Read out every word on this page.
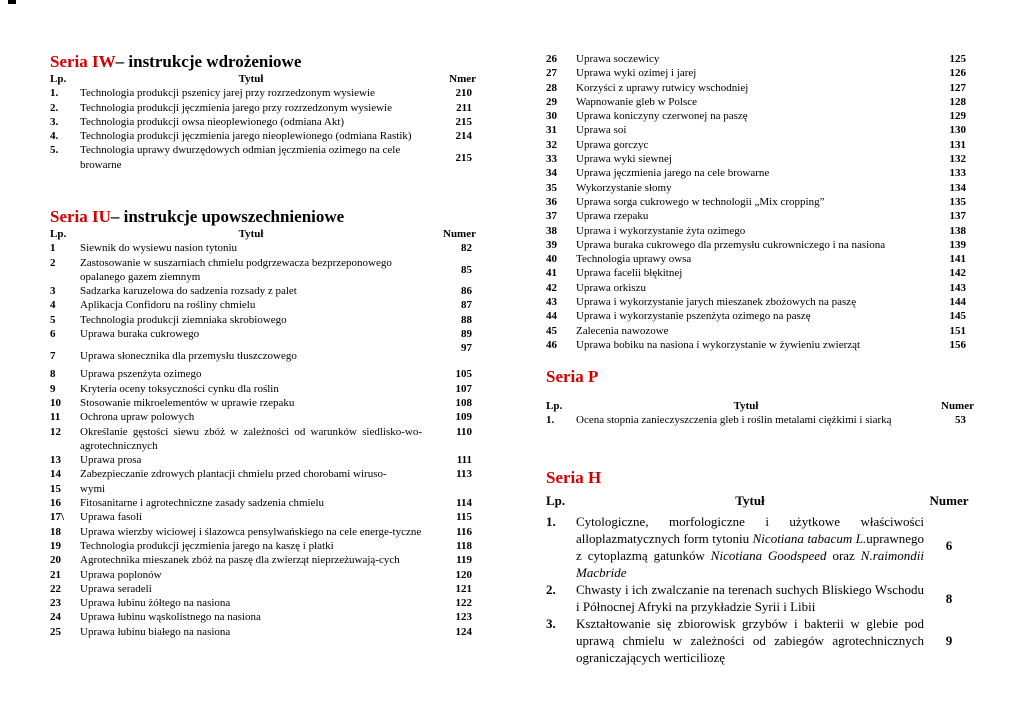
Seria IW– instrukcje wdrożeniowe

Lp.	Tytuł	Nmer
1.	Technologia produkcji pszenicy jarej przy rozrzedzonym wysiewie	210
2.	Technologia produkcji jęczmienia jarego przy rozrzedzonym wysiewie	211
3.	Technologia produkcji owsa nieoplewionego (odmiana Akt)	215
4.	Technologia produkcji jęczmienia jarego nieoplewionego (odmiana Rastik)	214
5.	Technologia uprawy dwurzędowych odmian jęczmienia ozimego na cele browarne	215

Seria IU– instrukcje upowszechnieniowe

Lp.	Tytuł	Numer
1	Siewnik do wysiewu nasion tytoniu	82
2	Zastosowanie w suszarniach chmielu podgrzewacza bezprzeponowego opalanego gazem ziemnym	85
3	Sadzarka karuzelowa do sadzenia rozsady z palet	86
4	Aplikacja Confidoru na rośliny chmielu	87
5	Technologia produkcji ziemniaka skrobiowego	88
6	Uprawa buraka cukrowego	89
7	Uprawa słonecznika dla przemysłu tłuszczowego	97
8	Uprawa pszenżyta ozimego	105
9	Kryteria oceny toksyczności cynku dla roślin	107
10	Stosowanie mikroelementów w uprawie rzepaku	108
11	Ochrona upraw polowych	109
12	Określanie gęstości siewu zbóż w zależności od warunków siedlisko-wo-agrotechnicznych	110
13	Uprawa prosa	111
14	Zabezpieczanie zdrowych plantacji chmielu przed chorobami wiruso-	113
15	wymi	
16	Fitosanitarne i agrotechniczne zasady sadzenia chmielu	114
17\	Uprawa fasoli	115
18	Uprawa wierzby wiciowej i ślazowca pensylwańskiego na cele energe-tyczne	116
19	Technologia produkcji jęczmienia jarego na kaszę i płatki	118
20	Agrotechnika mieszanek zbóż na paszę dla zwierząt nieprzeżuwają-cych	119
21	Uprawa poplonów	120
22	Uprawa seradeli	121
23	Uprawa łubinu żółtego na nasiona	122
24	Uprawa łubinu wąskolistnego na nasiona	123
25	Uprawa łubinu białego na nasiona	124
26	Uprawa soczewicy	125
27	Uprawa wyki ozimej i jarej	126
28	Korzyści z uprawy rutwicy wschodniej	127
29	Wapnowanie gleb w Polsce	128
30	Uprawa koniczyny czerwonej na paszę	129
31	Uprawa soi	130
32	Uprawa gorczyc	131
33	Uprawa wyki siewnej	132
34	Uprawa jęczmienia jarego na cele browarne	133
35	Wykorzystanie słomy	134
36	Uprawa sorga cukrowego w technologii „Mix cropping”	135
37	Uprawa rzepaku	137
38	Uprawa i wykorzystanie żyta ozimego	138
39	Uprawa buraka cukrowego dla przemysłu cukrowniczego i na nasiona	139
40	Technologia uprawy owsa	141
41	Uprawa facelii błękitnej	142
42	Uprawa orkiszu	143
43	Uprawa i wykorzystanie jarych mieszanek zbożowych na paszę	144
44	Uprawa i wykorzystanie pszenżyta ozimego na paszę	145
45	Zalecenia nawozowe	151
46	Uprawa bobiku na nasiona i wykorzystanie w żywieniu zwierząt	156

Seria P

Lp.	Tytuł	Numer
1.	Ocena stopnia zanieczyszczenia gleb i roślin metalami ciężkimi i siarką	53

Seria H

Lp.	Tytuł	Numer
1.	Cytologiczne, morfologiczne i użytkowe właściwości alloplazmatycznych form tytoniu Nicotiana tabacum L.uprawnego z cytoplazmą gatunków Nicotiana Goodspeed oraz N.raimondii Macbride	6
2.	Chwasty i ich zwalczanie na terenach suchych Bliskiego Wschodu i Północnej Afryki na przykładzie Syrii i Libii	8
3.	Kształtowanie się zbiorowisk grzybów i bakterii w glebie pod uprawą chmielu w zależności od zabiegów agrotechnicznych ograniczających werticiliozę	9
